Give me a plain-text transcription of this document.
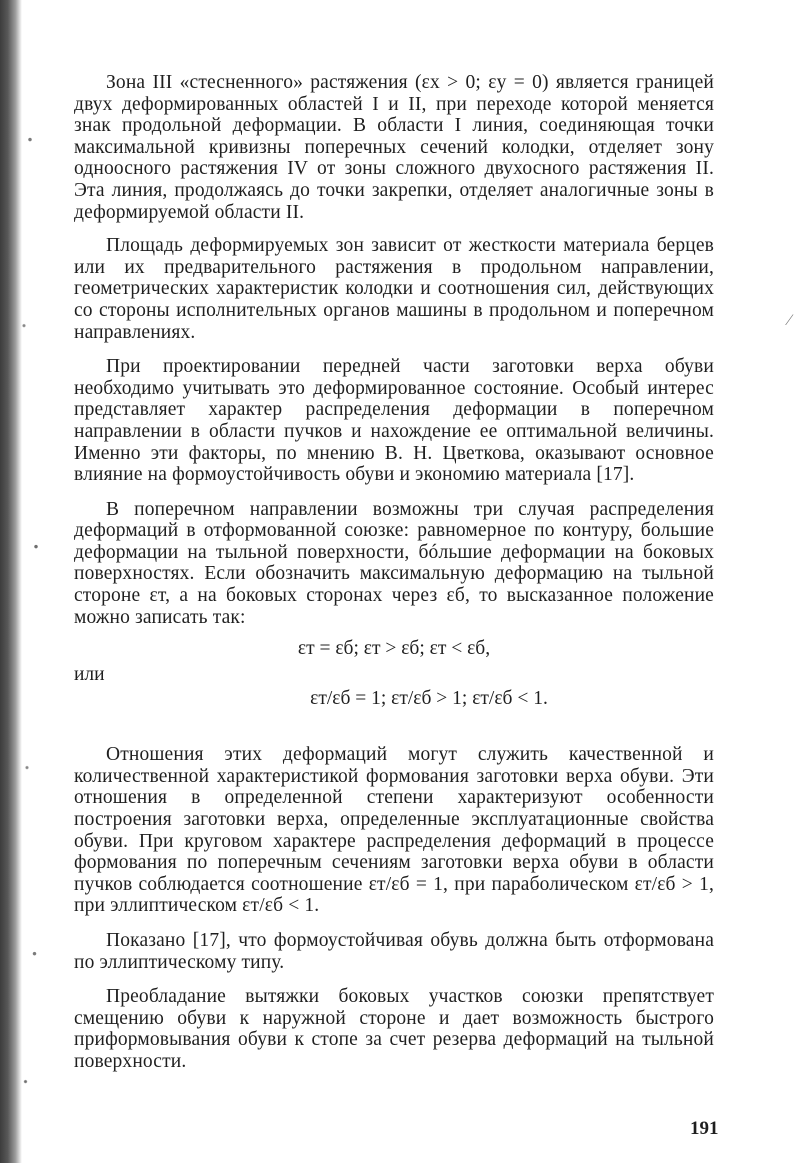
Зона III «стесненного» растяжения (εx > 0; εy = 0) является границей двух деформированных областей I и II, при переходе которой меняется знак продольной деформации. В области I линия, соединяющая точки максимальной кривизны поперечных сечений колодки, отделяет зону одноосного растяжения IV от зоны сложного двухосного растяжения II. Эта линия, продолжаясь до точки закрепки, отделяет аналогичные зоны в деформируемой области II.

Площадь деформируемых зон зависит от жесткости материала берцев или их предварительного растяжения в продольном направлении, геометрических характеристик колодки и соотношения сил, действующих со стороны исполнительных органов машины в продольном и поперечном направлениях.

При проектировании передней части заготовки верха обуви необходимо учитывать это деформированное состояние. Особый интерес представляет характер распределения деформации в поперечном направлении в области пучков и нахождение ее оптимальной величины. Именно эти факторы, по мнению В. Н. Цветкова, оказывают основное влияние на формоустойчивость обуви и экономию материала [17].

В поперечном направлении возможны три случая распределения деформаций в отформованной союзке: равномерное по контуру, большие деформации на тыльной поверхности, бóльшие деформации на боковых поверхностях. Если обозначить максимальную деформацию на тыльной стороне εт, а на боковых сторонах через εб, то высказанное положение можно записать так:

εт = εб; εт > εб; εт < εб,
или
εт/εб = 1; εт/εб > 1; εт/εб < 1.

Отношения этих деформаций могут служить качественной и количественной характеристикой формования заготовки верха обуви. Эти отношения в определенной степени характеризуют особенности построения заготовки верха, определенные эксплуатационные свойства обуви. При круговом характере распределения деформаций в процессе формования по поперечным сечениям заготовки верха обуви в области пучков соблюдается соотношение εт/εб = 1, при параболическом εт/εб > 1, при эллиптическом εт/εб < 1.

Показано [17], что формоустойчивая обувь должна быть отформована по эллиптическому типу.

Преобладание вытяжки боковых участков союзки препятствует смещению обуви к наружной стороне и дает возможность быстрого приформовывания обуви к стопе за счет резерва деформаций на тыльной поверхности.

⁄
191
